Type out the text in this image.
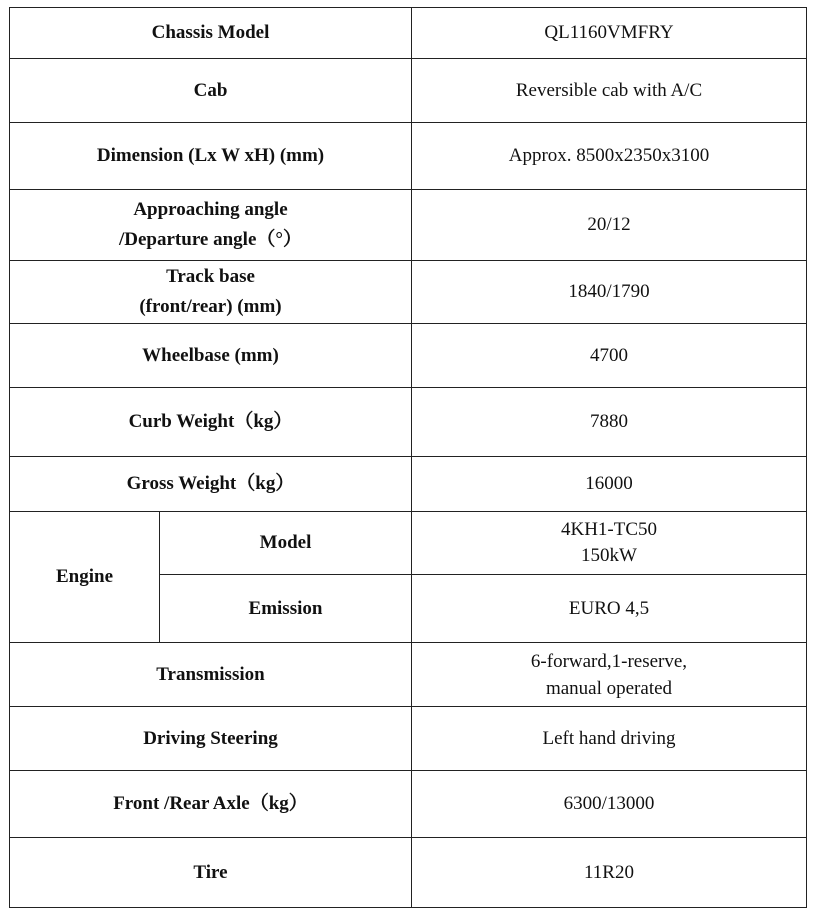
Chassis Model		QL1160VMFRY
Cab		Reversible cab with A/C
Dimension (Lx W xH) (mm)		Approx. 8500x2350x3100

Approaching angle
/Departure angle（°）		20/12

Track base
(front/rear) (mm)		1840/1790
Wheelbase (mm)		4700
Curb Weight（kg）		7880
Gross Weight（kg）		16000
Engine	Model	4KH1-TC50
150kW

	Emission	EURO 4,5
Transmission		6-forward,1-reserve,
manual operated

Driving Steering		Left hand driving
Front /Rear Axle（kg）		6300/13000
Tire		11R20
